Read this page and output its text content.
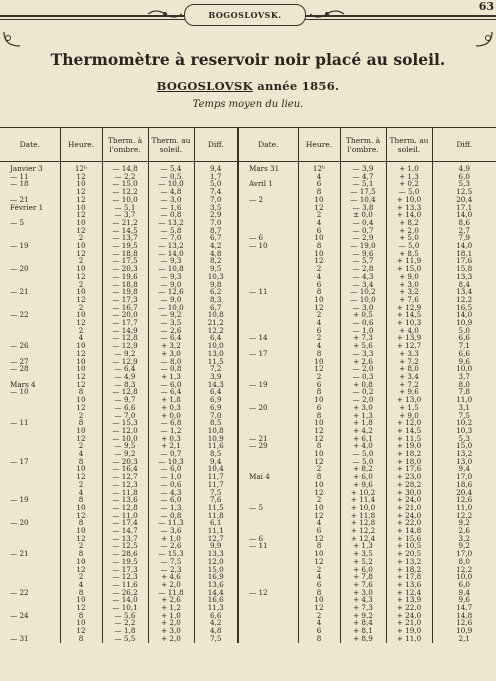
BOGOSLOVSK.
63
Thermomètre à reservoir noir placé au soleil.
BOGOSLOVSK année 1856.
Temps moyen du lieu.
Date.	Heure.	Therm. à l'ombre.	Therm. au soleil.	Diff.	Date.	Heure.	Therm. à l'ombre.	Therm. au soleil.	Diff.
Janvier 3	12ʰ	— 14,8	— 5,4	9,4	Mars 31	12ʰ	— 3,9	+ 1,0	4,9
— 11	12	— 2,2	— 0,5	1,7		4	— 4,7	+ 1,3	6,0
— 18	10	— 15,0	— 10,0	5,0	Avril 1	6	— 5,1	+ 0,2	5,3
	12	— 12,2	— 4,8	7,4		8	— 17,5	— 5,0	12,5
— 21	12	— 10,0	— 3,0	7,0	— 2	10	— 10,4	+ 10,0	20,4
Février 1	10	— 5,1	— 1,6	3,5		12	— 3,8	+ 13,3	17,1
	12	— 3,7	— 0,8	2,9		2	± 0,0	+ 14,0	14,0
— 5	10	— 21,2	— 13,2	7,0		4	— 0,4	+ 8,2	8,6
	12	— 14,5	— 5,8	8,7		6	— 0,7	+ 2,0	2,7
	2	— 13,7	— 7,0	6,7	— 6	10	— 2,9	+ 5,0	7,9
— 19	10	— 19,5	— 13,2	4,2	— 10	8	— 19,0	— 5,0	14,0
	12	— 18,8	— 14,0	4,8		10	— 9,6	+ 8,5	18,1
	2	— 17,5	— 9,3	8,2		12	— 5,7	+ 11,9	17,6
— 20	10	— 20,3	— 10,8	9,5		2	— 2,8	+ 15,0	15,8
	12	— 19,6	— 9,3	10,3		4	— 4,3	+ 9,0	13,3
	2	— 18,8	— 9,0	9,8		6	— 3,4	+ 3,0	8,4
— 21	10	— 19,8	— 12,6	6,2	— 11	8	— 10,2	+ 3,2	13,4
	12	— 17,3	— 9,0	8,3		10	— 10,0	+ 7,6	12,2
	2	— 16,7	— 10,0	6,7		12	— 3,0	+ 12,9	16,5
— 22	10	— 20,0	— 9,2	10,8		2	+ 0,5	+ 14,5	14,0
	12	— 17,7	— 3,5	21,2		4	— 0,6	+ 10,3	10,9
	2	— 14,9	— 2,6	12,2		6	— 1,0	+ 4,0	5,0
	4	— 12,8	— 6,4	6,4	— 14	2	+ 7,3	+ 13,9	6,6
— 26	10	— 12,9	+ 3,2	10,0		4	+ 5,6	+ 12,7	7,1
	12	— 9,2	+ 3,0	13,0	— 17	8	— 3,3	+ 3,3	6,6
— 27	10	— 12,9	— 8,0	11,5		10	+ 2,6	+ 7,2	9,6
— 28	10	— 6,4	— 0,8	7,2		12	— 2,0	+ 8,0	10,0
	12	— 4,9	+ 1,3	3,9		2	— 0,3	+ 3,4	3,7
Mars 4	12	— 8,3	— 6,0	14,3	— 19	6	+ 0,8	+ 7,2	8,0
— 10	8	— 12,8	— 6,4	6,4		8	— 0,2	+ 9,6	7,8
	10	— 9,7	+ 1,8	6,9		10	— 2,0	+ 13,0	11,0
	12	— 6,6	+ 0,3	6,9	— 20	6	+ 3,0	+ 1,5	3,1
	2	— 7,0	+ 0,0	7,0		8	+ 1,3	+ 9,0	7,5
— 11	8	— 15,3	— 6,8	8,5		10	+ 1,8	+ 12,0	10,2
	10	— 12,0	— 1,2	10,8		12	+ 4,2	+ 14,5	10,3
	12	— 10,0	+ 0,3	10,9	— 21	12	+ 6,1	+ 11,5	5,3
	2	— 9,5	+ 2,1	11,6	— 29	8	+ 4,0	+ 19,0	15,0
	4	— 9,2	— 0,7	8,5		10	— 5,0	+ 18,2	13,2
— 17	8	— 20,3	— 10,3	9,4		12	— 5,0	+ 18,0	13,0
	10	— 16,4	— 6,0	10,4		2	+ 8,2	+ 17,6	9,4
	12	— 12,7	— 1,0	11,7	Mai 4	8	+ 6,0	+ 23,0	17,0
	2	— 12,3	— 0,6	11,7		10	+ 9,6	+ 28,2	18,6
	4	— 11,8	— 4,3	7,5		12	+ 10,2	+ 30,0	20,4
— 19	8	— 13,6	— 6,0	7,6		2	+ 11,4	+ 24,0	12,6
	10	— 12,8	— 1,3	11,5	— 5	10	+ 10,0	+ 21,0	11,0
	12	— 11,0	— 0,8	11,8		12	+ 11,8	+ 24,0	12,2
— 20	8	— 17,4	— 11,3	6,1		4	+ 12,8	+ 22,0	9,2
	10	— 14,7	— 3,6	11,1		6	+ 12,2	+ 14,8	2,6
	12	— 13,7	+ 1,0	12,7	— 6	12	+ 12,4	+ 15,6	3,2
	2	— 12,5	— 2,6	9,9	— 11	8	+ 1,3	+ 10,5	9,2
— 21	8	— 28,6	— 15,3	13,3		10	+ 3,5	+ 20,5	17,0
	10	— 19,5	— 7,5	12,0		12	+ 5,2	+ 13,2	8,0
	12	— 17,3	— 2,3	15,0		2	+ 6,0	+ 18,2	12,2
	2	— 12,3	+ 4,6	16,9		4	+ 7,8	+ 17,8	10,0
	4	— 11,6	+ 2,0	13,6		6	+ 7,6	+ 13,6	6,0
— 22	8	— 26,2	— 11,8	14,4	— 12	8	+ 3,0	+ 12,4	9,4
	10	— 14,0	+ 2,6	16,6		10	+ 4,3	+ 13,9	9,6
	12	— 10,1	+ 1,2	11,3		12	+ 7,3	+ 22,0	14,7
— 24	8	— 5,6	+ 1,0	6,6		2	+ 9,2	+ 24,0	14,8
	10	— 2,2	+ 2,0	4,2		4	+ 8,4	+ 21,0	12,6
	12	— 1,8	+ 3,0	4,8		6	+ 8,1	+ 19,0	10,9
— 31	8	— 5,5	+ 2,0	7,5		8	+ 8,9	+ 11,0	2,1
